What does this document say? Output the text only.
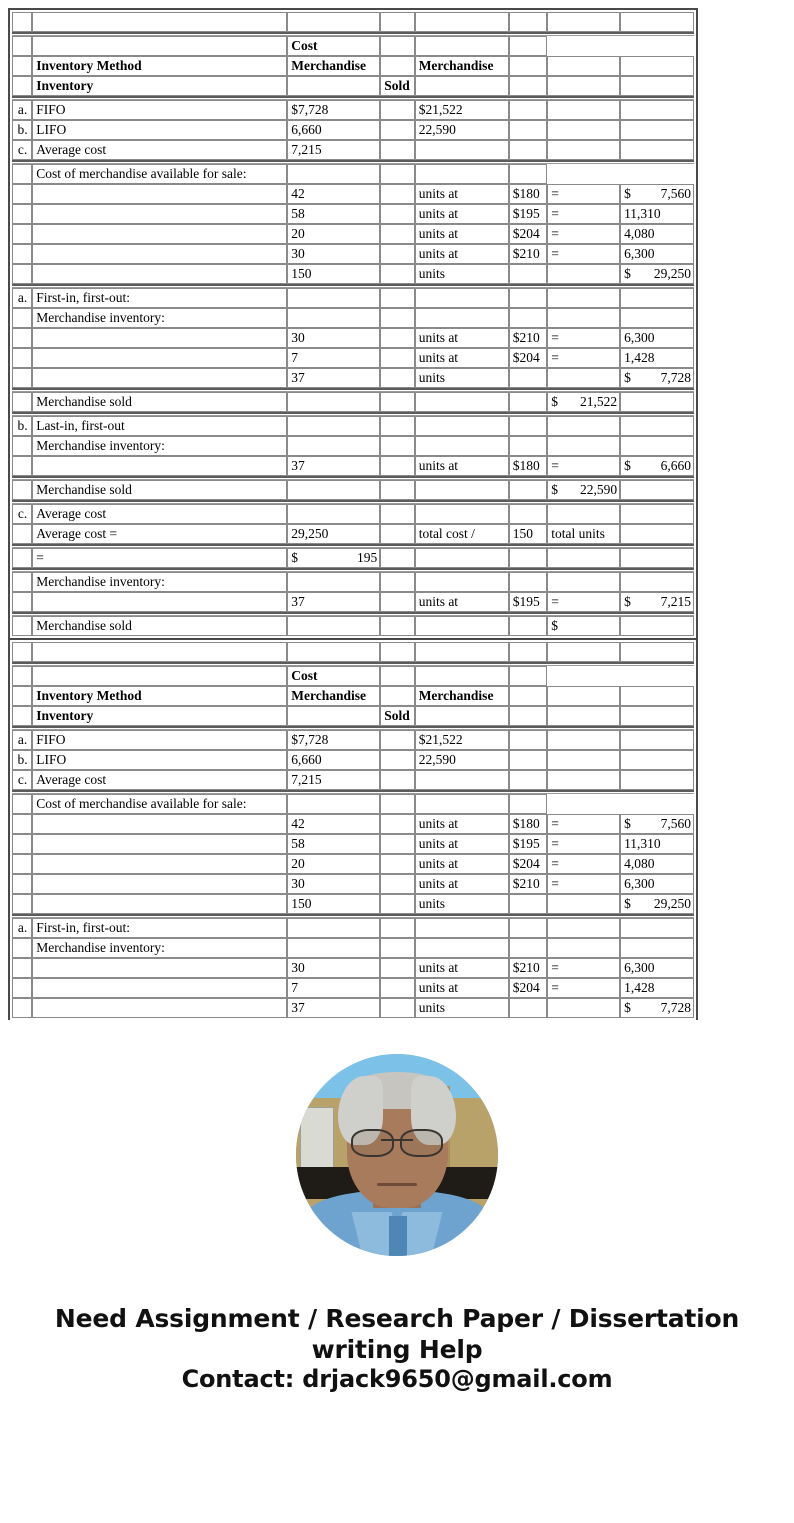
		Cost					
	Inventory Method	Merchandise		Merchandise			
	Inventory		Sold				

a.	FIFO	$7,728		$21,522			
b.	LIFO	6,660		22,590			
c.	Average cost	7,215					

	Cost of merchandise available for sale:						
		42		units at	$180	=	$ 7,560

		58		units at	$195	=	11,310
		20		units at	$204	=	4,080
		30		units at	$210	=	6,300
		150		units			$ 29,250

a.	First-in, first-out:						
	Merchandise inventory:						
		30		units at	$210	=	6,300
		7		units at	$204	=	1,428
		37		units			$ 7,728

	Merchandise sold					$ 21,522	

b.	Last-in, first-out						
	Merchandise inventory:						
		37		units at	$180	=	$ 6,660

	Merchandise sold					$ 22,590	

c.	Average cost						
	Average cost =	29,250		total cost /	150	total units	

	=	$ 195					

	Merchandise inventory:						
		37		units at	$195	=	$ 7,215

	Merchandise sold					$	

		Cost					
	Inventory Method	Merchandise		Merchandise			
	Inventory		Sold				

a.	FIFO	$7,728		$21,522			
b.	LIFO	6,660		22,590			
c.	Average cost	7,215					

	Cost of merchandise available for sale:						
		42		units at	$180	=	$ 7,560

		58		units at	$195	=	11,310
		20		units at	$204	=	4,080
		30		units at	$210	=	6,300
		150		units			$ 29,250

a.	First-in, first-out:						
	Merchandise inventory:						
		30		units at	$210	=	6,300
		7		units at	$204	=	1,428
		37		units			$ 7,728
Need Assignment / Research Paper / Dissertation
writing Help
Contact: drjack9650@gmail.com
